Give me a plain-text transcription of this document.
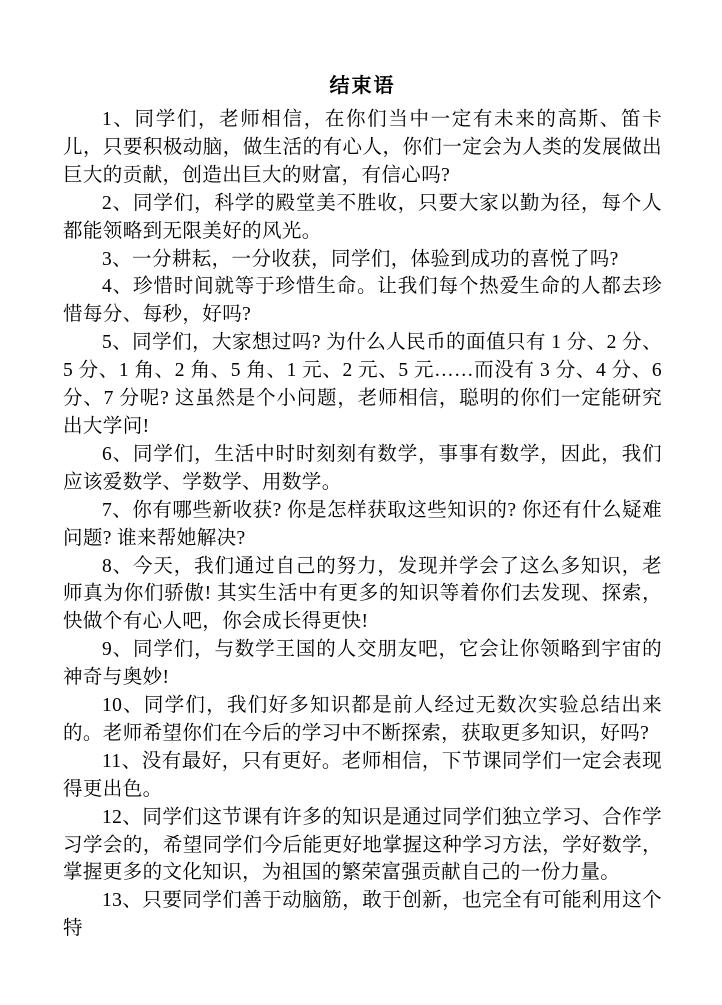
结束语

1、同学们，老师相信，在你们当中一定有未来的高斯、笛卡儿，只要积极动脑，做生活的有心人，你们一定会为人类的发展做出巨大的贡献，创造出巨大的财富，有信心吗?

2、同学们，科学的殿堂美不胜收，只要大家以勤为径，每个人都能领略到无限美好的风光。

3、一分耕耘，一分收获，同学们，体验到成功的喜悦了吗?

4、珍惜时间就等于珍惜生命。让我们每个热爱生命的人都去珍惜每分、每秒，好吗?

5、同学们，大家想过吗? 为什么人民币的面值只有 1 分、2 分、5 分、1 角、2 角、5 角、1 元、2 元、5 元……而没有 3 分、4 分、6 分、7 分呢? 这虽然是个小问题，老师相信，聪明的你们一定能研究出大学问!

6、同学们，生活中时时刻刻有数学，事事有数学，因此，我们应该爱数学、学数学、用数学。

7、你有哪些新收获? 你是怎样获取这些知识的? 你还有什么疑难问题? 谁来帮她解决?

8、今天，我们通过自己的努力，发现并学会了这么多知识，老师真为你们骄傲! 其实生活中有更多的知识等着你们去发现、探索，快做个有心人吧，你会成长得更快!

9、同学们，与数学王国的人交朋友吧，它会让你领略到宇宙的神奇与奥妙!

10、同学们，我们好多知识都是前人经过无数次实验总结出来的。老师希望你们在今后的学习中不断探索，获取更多知识，好吗?

11、没有最好，只有更好。老师相信，下节课同学们一定会表现得更出色。

12、同学们这节课有许多的知识是通过同学们独立学习、合作学习学会的，希望同学们今后能更好地掌握这种学习方法，学好数学，掌握更多的文化知识，为祖国的繁荣富强贡献自己的一份力量。

13、只要同学们善于动脑筋，敢于创新，也完全有可能利用这个特
